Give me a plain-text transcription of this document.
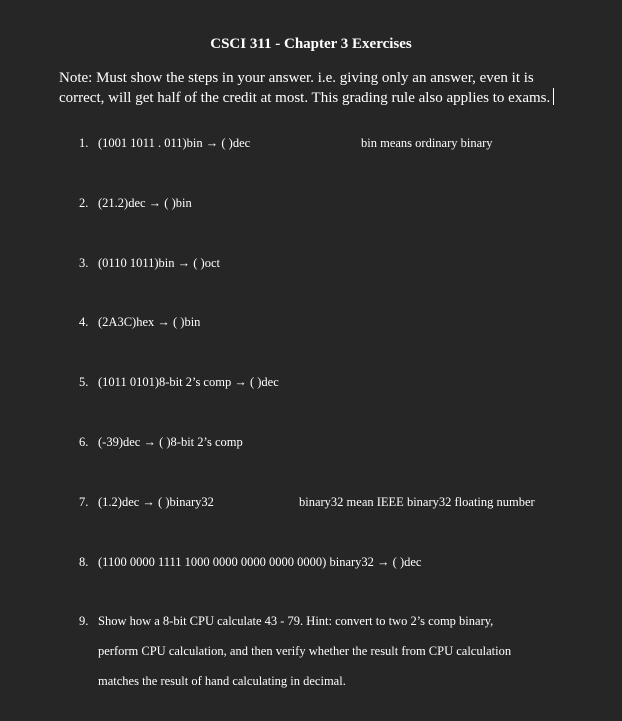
CSCI 311 - Chapter 3 Exercises
Note: Must show the steps in your answer. i.e. giving only an answer, even it is correct, will get half of the credit at most. This grading rule also applies to exams.
1. (1001 1011 . 011)bin → ( )dec	bin means ordinary binary
2. (21.2)dec → ( )bin
3. (0110 1011)bin → ( )oct
4. (2A3C)hex → ( )bin
5. (1011 0101)8-bit 2’s comp → ( )dec
6. (-39)dec → ( )8-bit 2’s comp
7. (1.2)dec → ( )binary32	binary32 mean IEEE binary32 floating number
8. (1100 0000 1111 1000 0000 0000 0000 0000) binary32 → ( )dec
9. Show how a 8-bit CPU calculate 43 - 79. Hint: convert to two 2’s comp binary,
perform CPU calculation, and then verify whether the result from CPU calculation
matches the result of hand calculating in decimal.
